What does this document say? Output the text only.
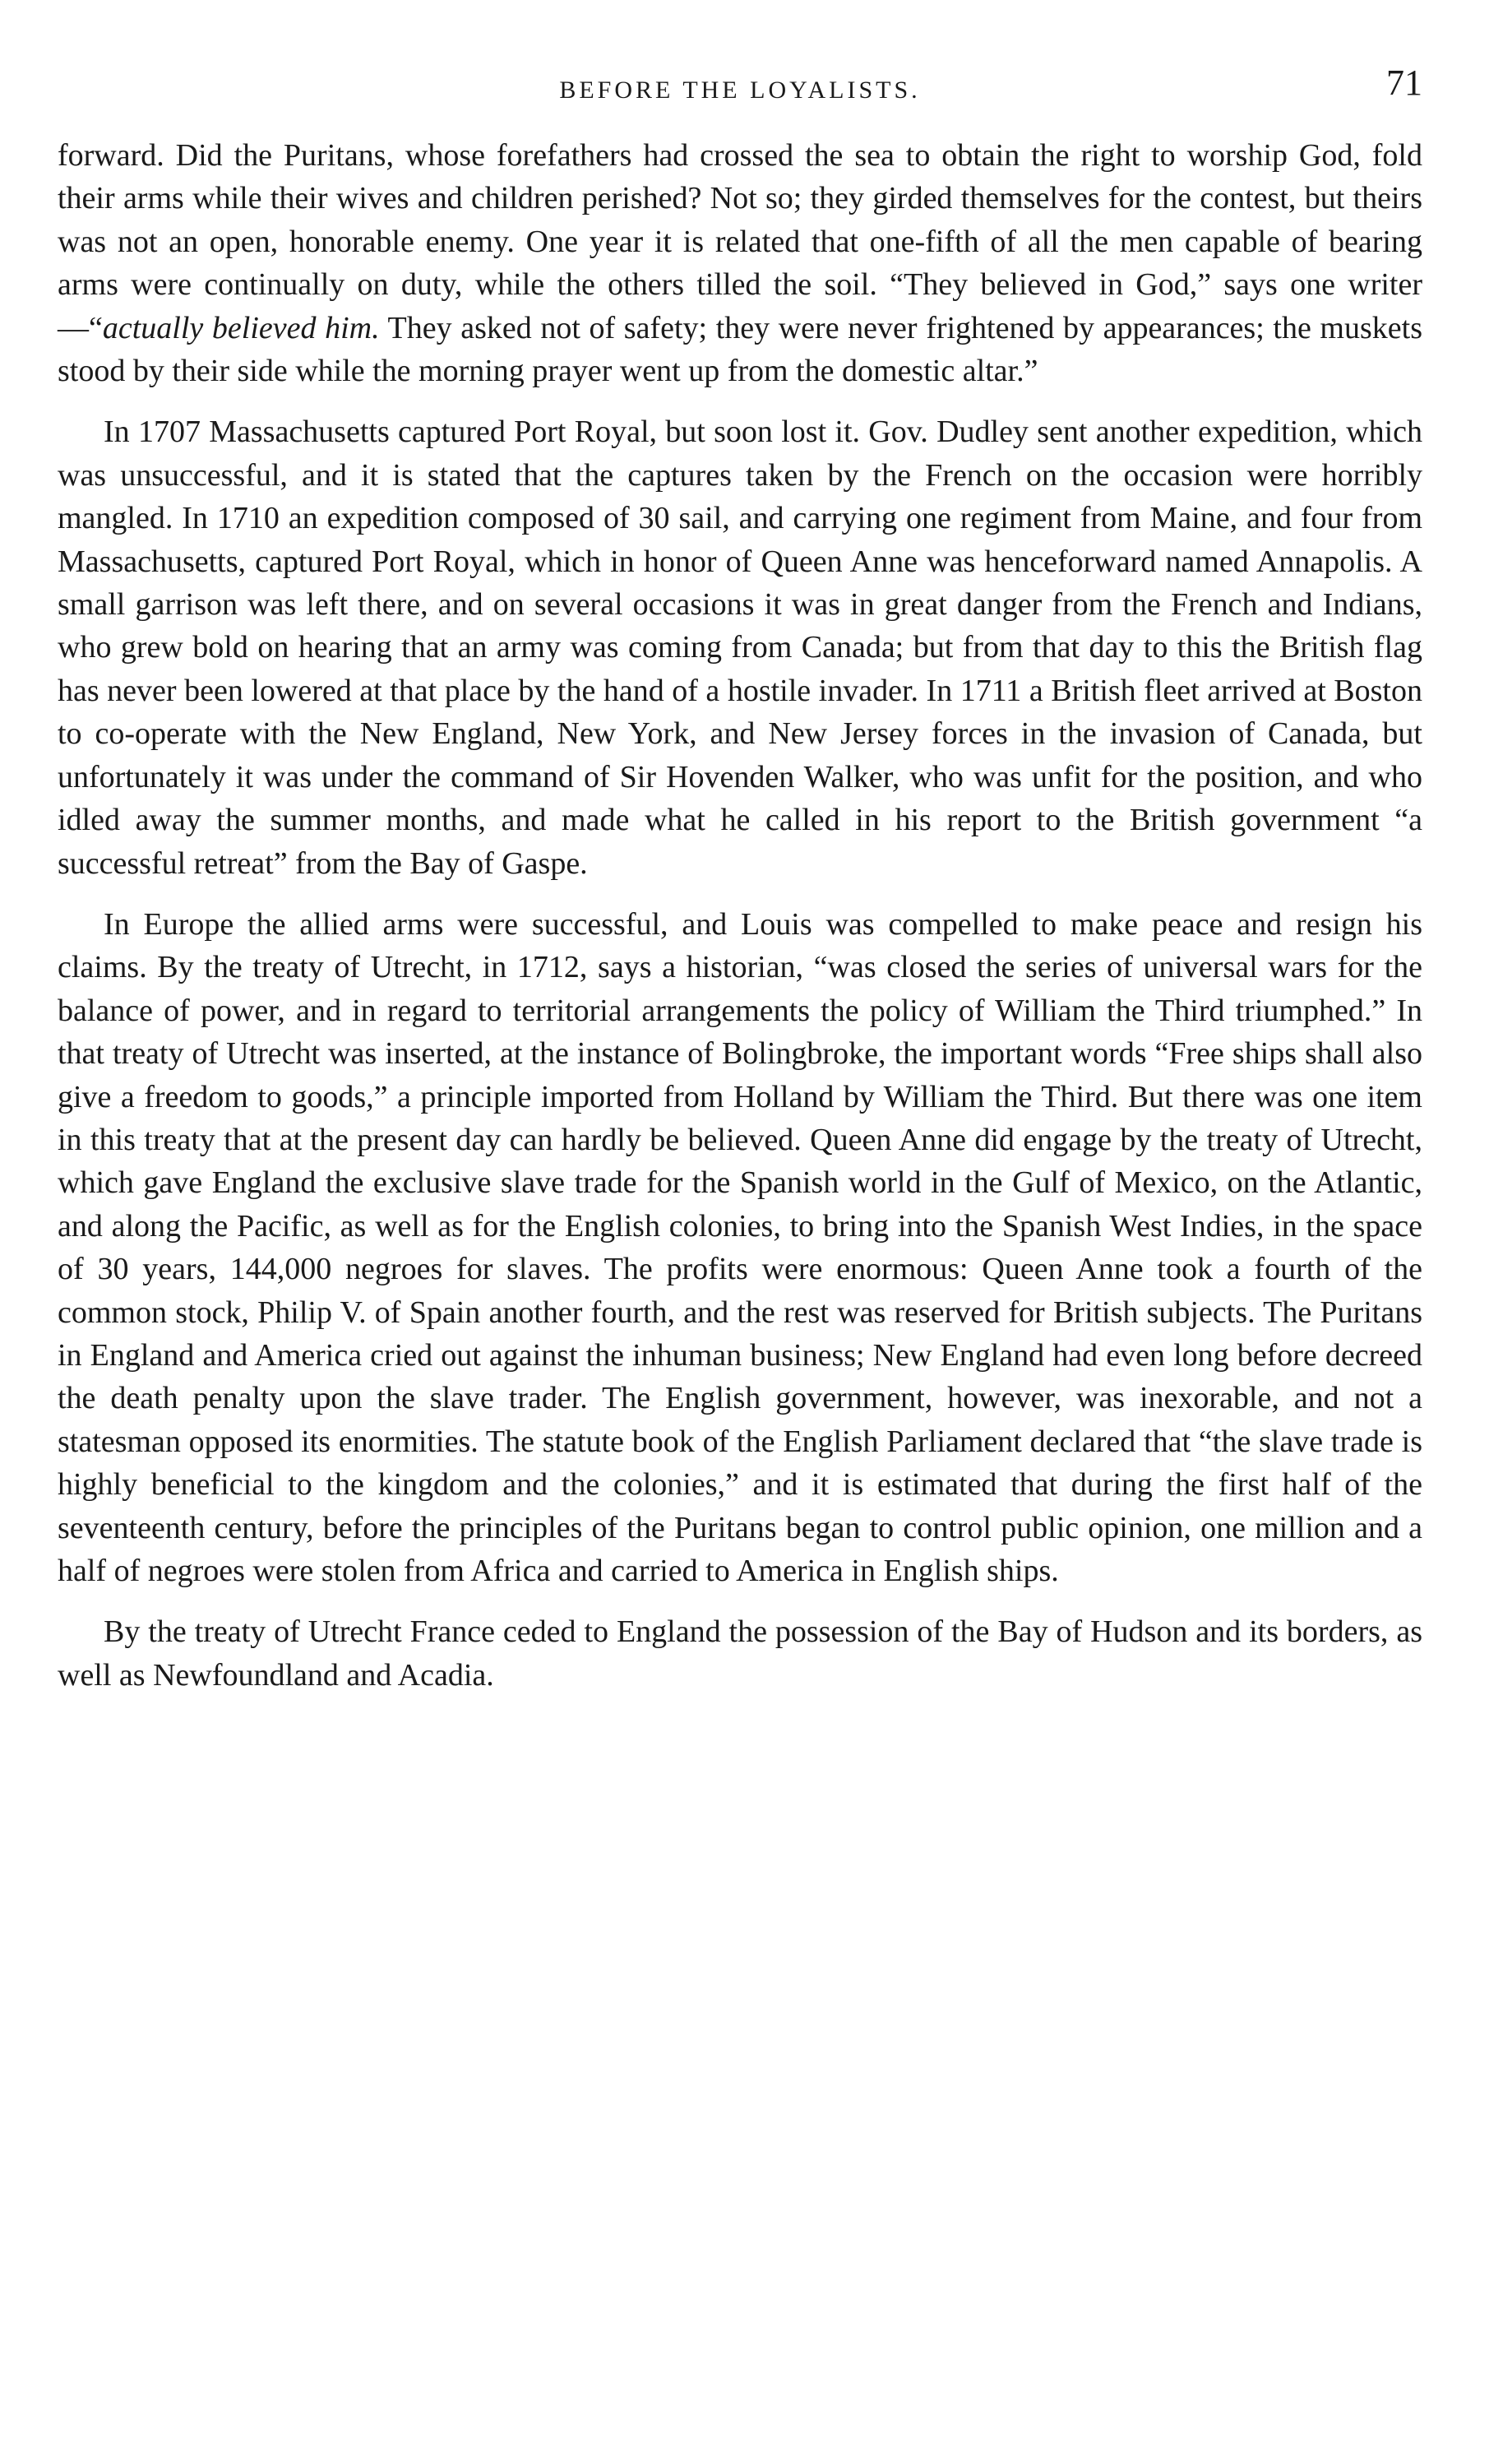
BEFORE THE LOYALISTS.	71

forward. Did the Puritans, whose forefathers had crossed the sea to obtain the right to worship God, fold their arms while their wives and children perished? Not so; they girded themselves for the contest, but theirs was not an open, honorable enemy. One year it is related that one-fifth of all the men capable of bearing arms were continually on duty, while the others tilled the soil. “They believed in God,” says one writer—“actually believed him. They asked not of safety; they were never frightened by appearances; the muskets stood by their side while the morning prayer went up from the domestic altar.”

In 1707 Massachusetts captured Port Royal, but soon lost it. Gov. Dudley sent another expedition, which was unsuccessful, and it is stated that the captures taken by the French on the occasion were horribly mangled. In 1710 an expedition composed of 30 sail, and carrying one regiment from Maine, and four from Massachusetts, captured Port Royal, which in honor of Queen Anne was henceforward named Annapolis. A small garrison was left there, and on several occasions it was in great danger from the French and Indians, who grew bold on hearing that an army was coming from Canada; but from that day to this the British flag has never been lowered at that place by the hand of a hostile invader. In 1711 a British fleet arrived at Boston to co-operate with the New England, New York, and New Jersey forces in the invasion of Canada, but unfortunately it was under the command of Sir Hovenden Walker, who was unfit for the position, and who idled away the summer months, and made what he called in his report to the British government “a successful retreat” from the Bay of Gaspe.

In Europe the allied arms were successful, and Louis was compelled to make peace and resign his claims. By the treaty of Utrecht, in 1712, says a historian, “was closed the series of universal wars for the balance of power, and in regard to territorial arrangements the policy of William the Third triumphed.” In that treaty of Utrecht was inserted, at the instance of Bolingbroke, the important words “Free ships shall also give a freedom to goods,” a principle imported from Holland by William the Third. But there was one item in this treaty that at the present day can hardly be believed. Queen Anne did engage by the treaty of Utrecht, which gave England the exclusive slave trade for the Spanish world in the Gulf of Mexico, on the Atlantic, and along the Pacific, as well as for the English colonies, to bring into the Spanish West Indies, in the space of 30 years, 144,000 negroes for slaves. The profits were enormous: Queen Anne took a fourth of the common stock, Philip V. of Spain another fourth, and the rest was reserved for British subjects. The Puritans in England and America cried out against the inhuman business; New England had even long before decreed the death penalty upon the slave trader. The English government, however, was inexorable, and not a statesman opposed its enormities. The statute book of the English Parliament declared that “the slave trade is highly beneficial to the kingdom and the colonies,” and it is estimated that during the first half of the seventeenth century, before the principles of the Puritans began to control public opinion, one million and a half of negroes were stolen from Africa and carried to America in English ships.

By the treaty of Utrecht France ceded to England the possession of the Bay of Hudson and its borders, as well as Newfoundland and Acadia.
